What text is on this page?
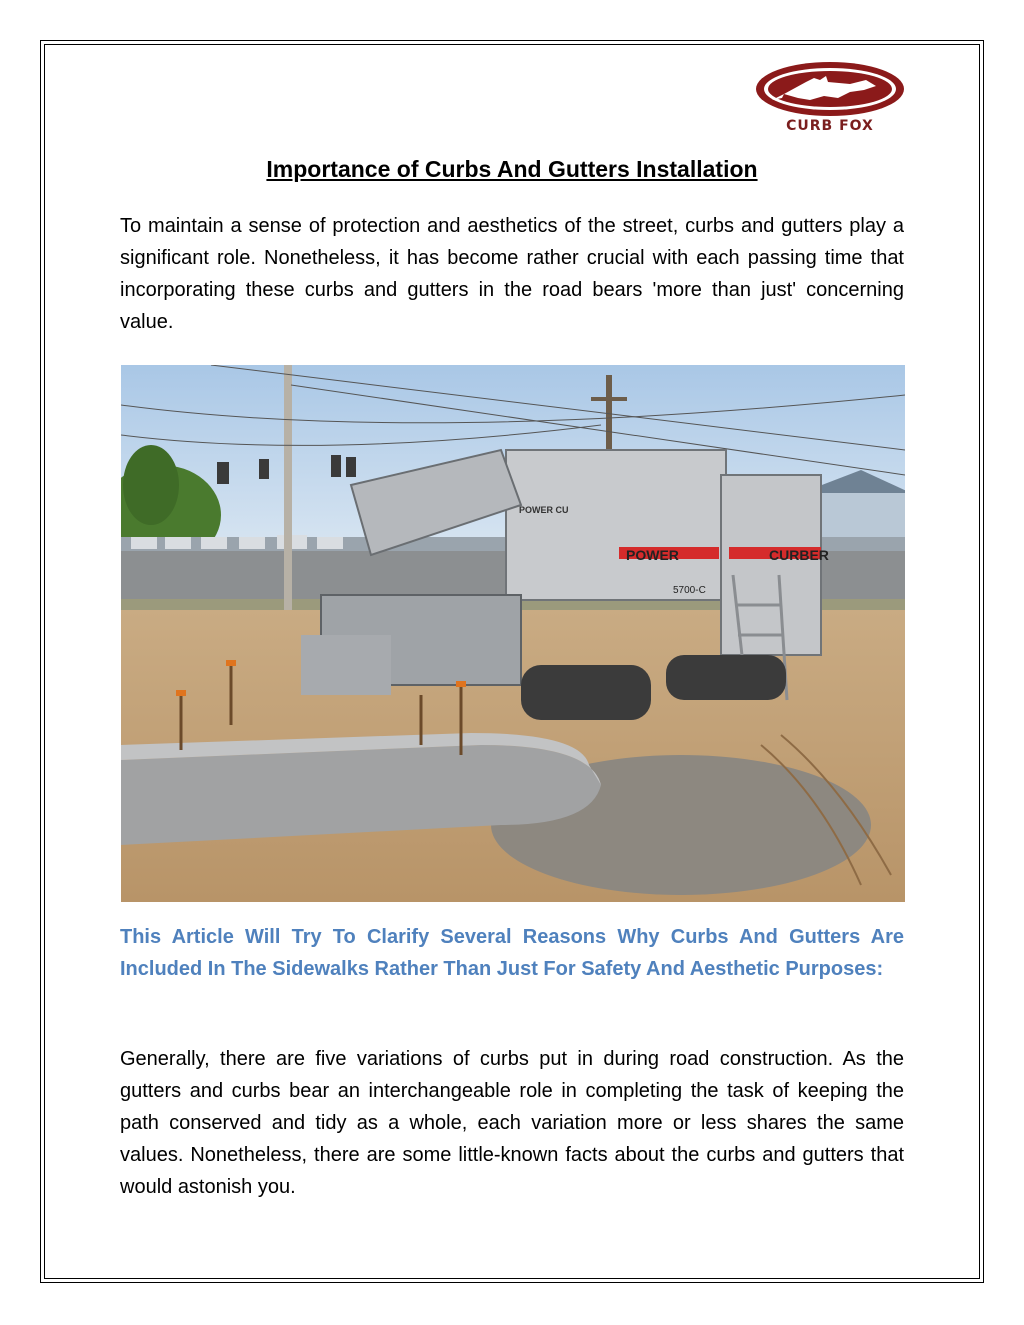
CURB FOX
Importance of Curbs And Gutters Installation

To maintain a sense of protection and aesthetics of the street, curbs and gutters play a significant role. Nonetheless, it has become rather crucial with each passing time that incorporating these curbs and gutters in the road bears 'more than just' concerning value.

POWER	CURBER
5700-C
POWER CU

This Article Will Try To Clarify Several Reasons Why Curbs And Gutters Are Included In The Sidewalks Rather Than Just For Safety And Aesthetic Purposes:

Generally, there are five variations of curbs put in during road construction. As the gutters and curbs bear an interchangeable role in completing the task of keeping the path conserved and tidy as a whole, each variation more or less shares the same values. Nonetheless, there are some little-known facts about the curbs and gutters that would astonish you.
